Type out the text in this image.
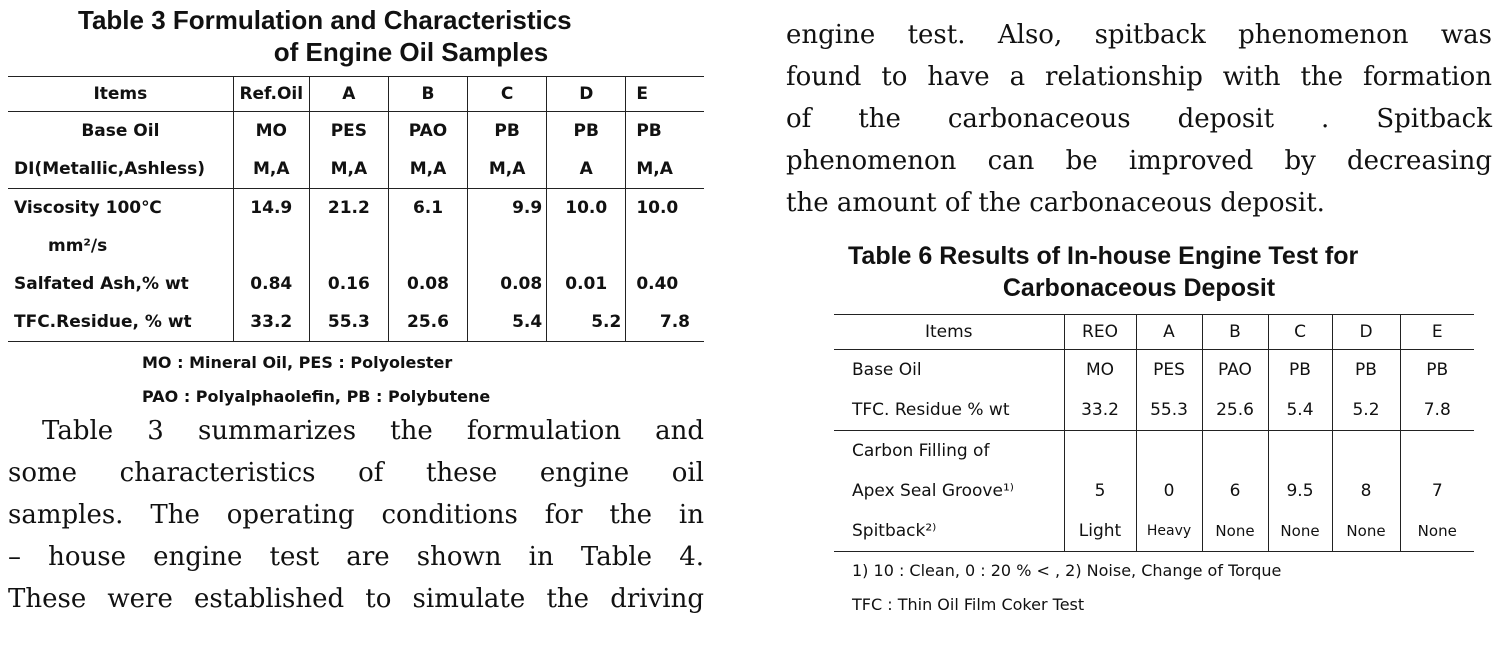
Table 3 Formulation and Characteristics

of Engine Oil Samples

Items	Ref.Oil	A	B	C	D	E
Base Oil	MO	PES	PAO	PB	PB	PB
DI(Metallic,Ashless)	M,A	M,A	M,A	M,A	A	M,A
Viscosity 100℃	14.9	21.2	6.1	9.9	10.0	10.0
mm²∕s						
Salfated Ash,% wt	0.84	0.16	0.08	0.08	0.01	0.40
TFC.Residue, % wt	33.2	55.3	25.6	5.4	5.2	7.8
MO : Mineral Oil, PES : Polyolester
PAO : Polyalphaolefin, PB : Polybutene

Table 3 summarizes the formulation and
some characteristics of these engine oil
samples. The operating conditions for the in
– house engine test are shown in Table 4.
These were established to simulate the driving

engine test. Also, spitback phenomenon was
found to have a relationship with the formation
of the carbonaceous deposit . Spitback
phenomenon can be improved by decreasing
the amount of the carbonaceous deposit.

Table 6 Results of In-house Engine Test for

Carbonaceous Deposit

Items	REO	A	B	C	D	E
Base Oil	MO	PES	PAO	PB	PB	PB
TFC. Residue % wt	33.2	55.3	25.6	5.4	5.2	7.8
Carbon Filling of						
Apex Seal Groove¹⁾	5	0	6	9.5	8	7
Spitback²⁾	Light	Heavy	None	None	None	None
1) 10 : Clean, 0 : 20 % < , 2) Noise, Change of Torque
TFC : Thin Oil Film Coker Test
